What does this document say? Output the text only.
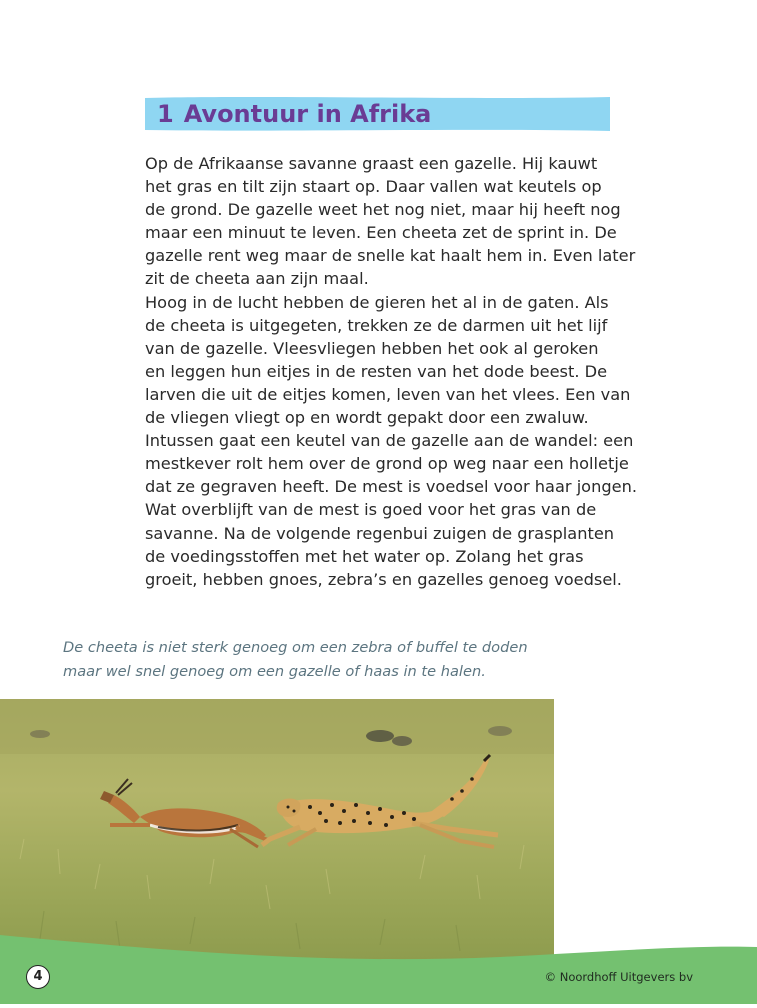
1 Avontuur in Afrika
Op de Afrikaanse savanne graast een gazelle. Hij kauwt
het gras en tilt zijn staart op. Daar vallen wat keutels op
de grond. De gazelle weet het nog niet, maar hij heeft nog
maar een minuut te leven. Een cheeta zet de sprint in. De
gazelle rent weg maar de snelle kat haalt hem in. Even later
zit de cheeta aan zijn maal.
Hoog in de lucht hebben de gieren het al in de gaten. Als
de cheeta is uitgegeten, trekken ze de darmen uit het lijf
van de gazelle. Vleesvliegen hebben het ook al geroken
en leggen hun eitjes in de resten van het dode beest. De
larven die uit de eitjes komen, leven van het vlees. Een van
de vliegen vliegt op en wordt gepakt door een zwaluw.
Intussen gaat een keutel van de gazelle aan de wandel: een
mestkever rolt hem over de grond op weg naar een holletje
dat ze gegraven heeft. De mest is voedsel voor haar jongen.
Wat overblijft van de mest is goed voor het gras van de
savanne. Na de volgende regenbui zuigen de grasplanten
de voedingsstoffen met het water op. Zolang het gras
groeit, hebben gnoes, zebra’s en gazelles genoeg voedsel.
De cheeta is niet sterk genoeg om een zebra of buffel te doden
maar wel snel genoeg om een gazelle of haas in te halen.
4	© Noordhoff Uitgevers bv
